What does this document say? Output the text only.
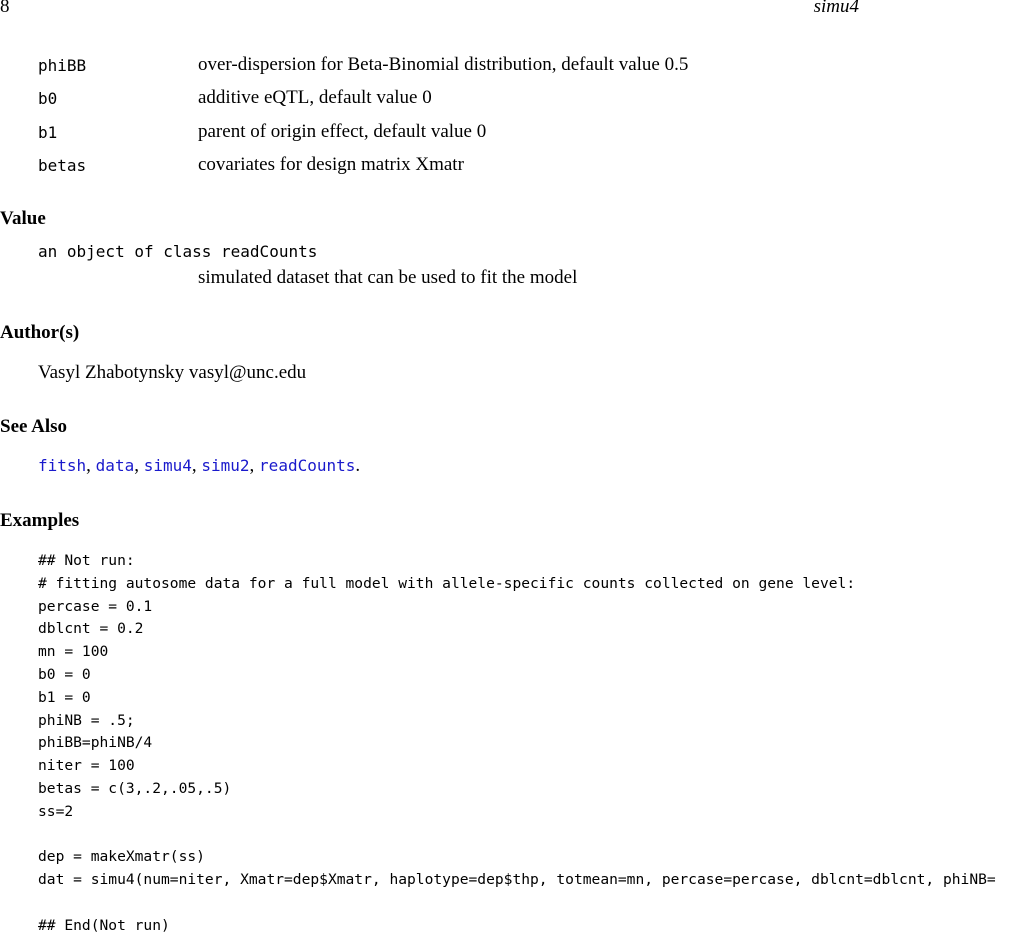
8	simu4
phiBB	over-dispersion for Beta-Binomial distribution, default value 0.5
b0	additive eQTL, default value 0
b1	parent of origin effect, default value 0
betas	covariates for design matrix Xmatr
Value
an object of class readCounts
simulated dataset that can be used to fit the model
Author(s)
Vasyl Zhabotynsky vasyl@unc.edu
See Also
fitsh, data, simu4, simu2, readCounts.
Examples
## Not run:
# fitting autosome data for a full model with allele-specific counts collected on gene level:
percase = 0.1
dblcnt = 0.2
mn = 100
b0 = 0
b1 = 0
phiNB = .5;
phiBB=phiNB/4
niter = 100
betas = c(3,.2,.05,.5)
ss=2
dep = makeXmatr(ss)
dat = simu4(num=niter, Xmatr=dep$Xmatr, haplotype=dep$thp, totmean=mn, percase=percase, dblcnt=dblcnt, phiNB=
## End(Not run)
